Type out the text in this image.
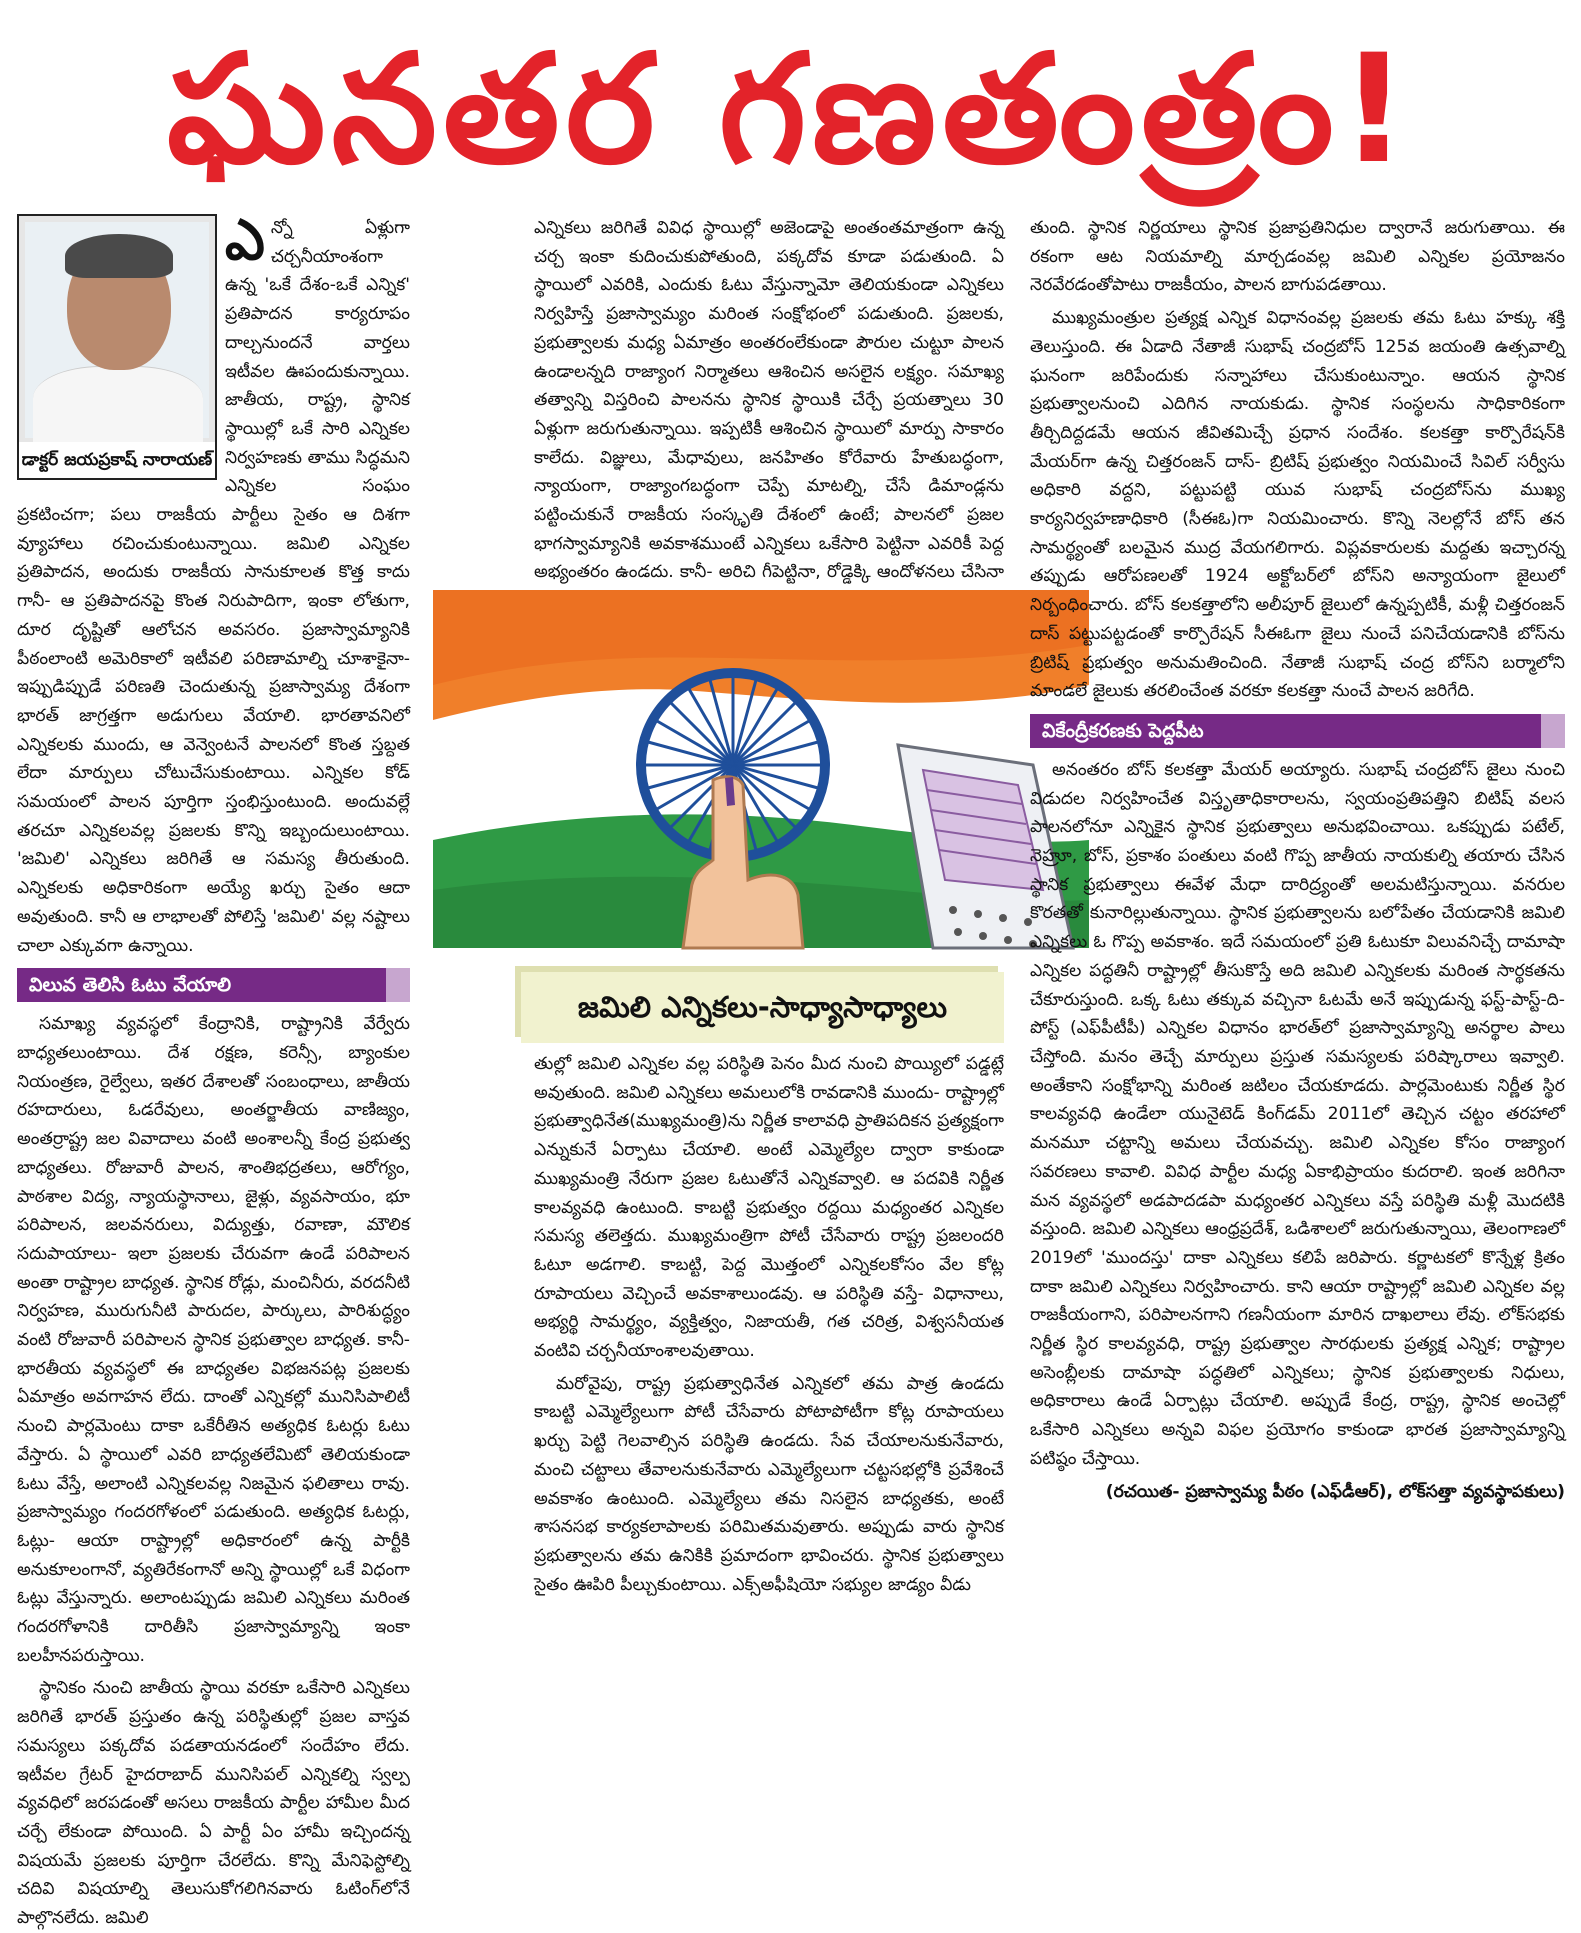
ఘనతర గణతంత్రం!
డాక్టర్‌ జయప్రకాష్‌ నారాయణ్‌

ఎన్నో ఏళ్లుగా చర్చనీయాంశంగా ఉన్న 'ఒకే దేశం-ఒకే ఎన్నిక' ప్రతిపాదన కార్యరూపం దాల్చనుందనే వార్తలు ఇటీవల ఊపందుకున్నాయి. జాతీయ, రాష్ట్ర, స్థానిక స్థాయిల్లో ఒకే సారి ఎన్నికల నిర్వహణకు తాము సిద్ధమని ఎన్నికల సంఘం ప్రకటించగా; పలు రాజకీయ పార్టీలు సైతం ఆ దిశగా వ్యూహాలు రచించుకుంటున్నాయి. జమిలి ఎన్నికల ప్రతిపాదన, అందుకు రాజకీయ సానుకూలత కొత్త కాదు గానీ- ఆ ప్రతిపాదనపై కొంత నిరుపాదిగా, ఇంకా లోతుగా, దూర దృష్టితో ఆలోచన అవసరం. ప్రజాస్వామ్యానికి పీఠంలాంటి అమెరికాలో ఇటీవలి పరిణామాల్ని చూశాకైనా- ఇప్పుడిప్పుడే పరిణతి చెందుతున్న ప్రజాస్వామ్య దేశంగా భారత్‌ జాగ్రత్తగా అడుగులు వేయాలి. భారతావనిలో ఎన్నికలకు ముందు, ఆ వెన్వెంటనే పాలనలో కొంత స్తబ్దత లేదా మార్పులు చోటుచేసుకుంటాయి. ఎన్నికల కోడ్‌ సమయంలో పాలన పూర్తిగా స్తంభిస్తుంటుంది. అందువల్లే తరచూ ఎన్నికలవల్ల ప్రజలకు కొన్ని ఇబ్బందులుంటాయి. 'జమిలి' ఎన్నికలు జరిగితే ఆ సమస్య తీరుతుంది. ఎన్నికలకు అధికారికంగా అయ్యే ఖర్చు సైతం ఆదా అవుతుంది. కానీ ఆ లాభాలతో పోలిస్తే 'జమిలి' వల్ల నష్టాలు చాలా ఎక్కువగా ఉన్నాయి.

విలువ తెలిసి ఓటు వేయాలి

సమాఖ్య వ్యవస్థలో కేంద్రానికి, రాష్ట్రానికి వేర్వేరు బాధ్యతలుంటాయి. దేశ రక్షణ, కరెన్సీ, బ్యాంకుల నియంత్రణ, రైల్వేలు, ఇతర దేశాలతో సంబంధాలు, జాతీయ రహదారులు, ఓడరేవులు, అంతర్జాతీయ వాణిజ్యం, అంతర్రాష్ట్ర జల వివాదాలు వంటి అంశాలన్నీ కేంద్ర ప్రభుత్వ బాధ్యతలు. రోజువారీ పాలన, శాంతిభద్రతలు, ఆరోగ్యం, పాఠశాల విద్య, న్యాయస్థానాలు, జైళ్లు, వ్యవసాయం, భూ పరిపాలన, జలవనరులు, విద్యుత్తు, రవాణా, మౌలిక సదుపాయాలు- ఇలా ప్రజలకు చేరువగా ఉండే పరిపాలన అంతా రాష్ట్రాల బాధ్యత. స్థానిక రోడ్లు, మంచినీరు, వరదనీటి నిర్వహణ, మురుగునీటి పారుదల, పార్కులు, పారిశుద్ధ్యం వంటి రోజువారీ పరిపాలన స్థానిక ప్రభుత్వాల బాధ్యత. కానీ- భారతీయ వ్యవస్థలో ఈ బాధ్యతల విభజనపట్ల ప్రజలకు ఏమాత్రం అవగాహన లేదు. దాంతో ఎన్నికల్లో మునిసిపాలిటీ నుంచి పార్లమెంటు దాకా ఒకేరీతిన అత్యధిక ఓటర్లు ఓటు వేస్తారు. ఏ స్థాయిలో ఎవరి బాధ్యతలేమిటో తెలియకుండా ఓటు వేస్తే, అలాంటి ఎన్నికలవల్ల నిజమైన ఫలితాలు రావు. ప్రజాస్వామ్యం గందరగోళంలో పడుతుంది. అత్యధిక ఓటర్లు, ఓట్లు- ఆయా రాష్ట్రాల్లో అధికారంలో ఉన్న పార్టీకి అనుకూలంగానో, వ్యతిరేకంగానో అన్ని స్థాయిల్లో ఒకే విధంగా ఓట్లు వేస్తున్నారు. అలాంటప్పుడు జమిలి ఎన్నికలు మరింత గందరగోళానికి దారితీసి ప్రజాస్వామ్యాన్ని ఇంకా బలహీనపరుస్తాయి.

స్థానికం నుంచి జాతీయ స్థాయి వరకూ ఒకేసారి ఎన్నికలు జరిగితే భారత్‌ ప్రస్తుతం ఉన్న పరిస్థితుల్లో ప్రజల వాస్తవ సమస్యలు పక్కదోవ పడతాయనడంలో సందేహం లేదు. ఇటీవల గ్రేటర్‌ హైదరాబాద్‌ మునిసిపల్‌ ఎన్నికల్ని స్వల్ప వ్యవధిలో జరపడంతో అసలు రాజకీయ పార్టీల హామీల మీద చర్చే లేకుండా పోయింది. ఏ పార్టీ ఏం హామీ ఇచ్చిందన్న విషయమే ప్రజలకు పూర్తిగా చేరలేదు. కొన్ని మేనిఫెస్టోల్ని చదివి విషయాల్ని తెలుసుకోగలిగినవారు ఓటింగ్‌లోనే పాల్గొనలేదు. జమిలి

ఎన్నికలు జరిగితే వివిధ స్థాయిల్లో అజెండాపై అంతంతమాత్రంగా ఉన్న చర్చ ఇంకా కుదించుకుపోతుంది, పక్కదోవ కూడా పడుతుంది. ఏ స్థాయిలో ఎవరికి, ఎందుకు ఓటు వేస్తున్నామో తెలియకుండా ఎన్నికలు నిర్వహిస్తే ప్రజాస్వామ్యం మరింత సంక్షోభంలో పడుతుంది. ప్రజలకు, ప్రభుత్వాలకు మధ్య ఏమాత్రం అంతరంలేకుండా పౌరుల చుట్టూ పాలన ఉండాలన్నది రాజ్యాంగ నిర్మాతలు ఆశించిన అసలైన లక్ష్యం. సమాఖ్య తత్వాన్ని విస్తరించి పాలనను స్థానిక స్థాయికి చేర్చే ప్రయత్నాలు 30 ఏళ్లుగా జరుగుతున్నాయి. ఇప్పటికీ ఆశించిన స్థాయిలో మార్పు సాకారం కాలేదు. విజ్ఞులు, మేధావులు, జనహితం కోరేవారు హేతుబద్ధంగా, న్యాయంగా, రాజ్యాంగబద్ధంగా చెప్పే మాటల్ని, చేసే డిమాండ్లను పట్టించుకునే రాజకీయ సంస్కృతి దేశంలో ఉంటే; పాలనలో ప్రజల భాగస్వామ్యానికి అవకాశముంటే ఎన్నికలు ఒకేసారి పెట్టినా ఎవరికీ పెద్ద అభ్యంతరం ఉండదు. కానీ- అరిచి గీపెట్టినా, రోడ్డెక్కి ఆందోళనలు చేసినా

జమిలి ఎన్నికలు-సాధ్యాసాధ్యాలు

తుల్లో జమిలి ఎన్నికల వల్ల పరిస్థితి పెనం మీద నుంచి పొయ్యిలో పడ్డట్లే అవుతుంది. జమిలి ఎన్నికలు అమలులోకి రావడానికి ముందు- రాష్ట్రాల్లో ప్రభుత్వాధినేత(ముఖ్యమంత్రి)ను నిర్ణీత కాలావధి ప్రాతిపదికన ప్రత్యక్షంగా ఎన్నుకునే ఏర్పాటు చేయాలి. అంటే ఎమ్మెల్యేల ద్వారా కాకుండా ముఖ్యమంత్రి నేరుగా ప్రజల ఓటుతోనే ఎన్నికవ్వాలి. ఆ పదవికి నిర్ణీత కాలవ్యవధి ఉంటుంది. కాబట్టి ప్రభుత్వం రద్దయి మధ్యంతర ఎన్నికల సమస్య తలెత్తదు. ముఖ్యమంత్రిగా పోటీ చేసేవారు రాష్ట్ర ప్రజలందరి ఓటూ అడగాలి. కాబట్టి, పెద్ద మొత్తంలో ఎన్నికలకోసం వేల కోట్ల రూపాయలు వెచ్చించే అవకాశాలుండవు. ఆ పరిస్థితి వస్తే- విధానాలు, అభ్యర్థి సామర్థ్యం, వ్యక్తిత్వం, నిజాయతీ, గత చరిత్ర, విశ్వసనీయత వంటివి చర్చనీయాంశాలవుతాయి.

మరోవైపు, రాష్ట్ర ప్రభుత్వాధినేత ఎన్నికలో తమ పాత్ర ఉండదు కాబట్టి ఎమ్మెల్యేలుగా పోటీ చేసేవారు పోటాపోటీగా కోట్ల రూపాయలు ఖర్చు పెట్టి గెలవాల్సిన పరిస్థితి ఉండదు. సేవ చేయాలనుకునేవారు, మంచి చట్టాలు తేవాలనుకునేవారు ఎమ్మెల్యేలుగా చట్టసభల్లోకి ప్రవేశించే అవకాశం ఉంటుంది. ఎమ్మెల్యేలు తమ నిసలైన బాధ్యతకు, అంటే శాసనసభ కార్యకలాపాలకు పరిమితమవుతారు. అప్పుడు వారు స్థానిక ప్రభుత్వాలను తమ ఉనికికి ప్రమాదంగా భావించరు. స్థానిక ప్రభుత్వాలు సైతం ఊపిరి పీల్చుకుంటాయి. ఎక్స్‌అఫీషియో సభ్యుల జాడ్యం వీడు

తుంది. స్థానిక నిర్ణయాలు స్థానిక ప్రజాప్రతినిధుల ద్వారానే జరుగుతాయి. ఈ రకంగా ఆట నియమాల్ని మార్చడంవల్ల జమిలి ఎన్నికల ప్రయోజనం నెరవేరడంతోపాటు రాజకీయం, పాలన బాగుపడతాయి.

ముఖ్యమంత్రుల ప్రత్యక్ష ఎన్నిక విధానంవల్ల ప్రజలకు తమ ఓటు హక్కు శక్తి తెలుస్తుంది. ఈ ఏడాది నేతాజీ సుభాష్‌ చంద్రబోస్‌ 125వ జయంతి ఉత్సవాల్ని ఘనంగా జరిపేందుకు సన్నాహాలు చేసుకుంటున్నాం. ఆయన స్థానిక ప్రభుత్వాలనుంచి ఎదిగిన నాయకుడు. స్థానిక సంస్థలను సాధికారికంగా తీర్చిదిద్దడమే ఆయన జీవితమిచ్చే ప్రధాన సందేశం. కలకత్తా కార్పొరేషన్‌కి మేయర్‌గా ఉన్న చిత్తరంజన్‌ దాస్‌- బ్రిటిష్‌ ప్రభుత్వం నియమించే సివిల్‌ సర్వీసు అధికారి వద్దని, పట్టుపట్టి యువ సుభాష్‌ చంద్రబోస్‌ను ముఖ్య కార్యనిర్వహణాధికారి (సీఈఓ)గా నియమించారు. కొన్ని నెలల్లోనే బోస్‌ తన సామర్థ్యంతో బలమైన ముద్ర వేయగలిగారు. విప్లవకారులకు మద్దతు ఇచ్చారన్న తప్పుడు ఆరోపణలతో 1924 అక్టోబర్‌లో బోస్‌ని అన్యాయంగా జైలులో నిర్బంధించారు. బోస్‌ కలకత్తాలోని అలీపూర్‌ జైలులో ఉన్నప్పటికీ, మళ్లీ చిత్తరంజన్‌ దాస్‌ పట్టుపట్టడంతో కార్పొరేషన్‌ సీఈఓగా జైలు నుంచే పనిచేయడానికి బోస్‌ను బ్రిటిష్‌ ప్రభుత్వం అనుమతించింది. నేతాజీ సుభాష్‌ చంద్ర బోస్‌ని బర్మాలోని మాండలే జైలుకు తరలించేంత వరకూ కలకత్తా నుంచే పాలన జరిగేది.

వికేంద్రీకరణకు పెద్దపీట

అనంతరం బోస్‌ కలకత్తా మేయర్‌ అయ్యారు. సుభాష్‌ చంద్రబోస్‌ జైలు నుంచి విడుదల నిర్వహించేత విస్తృతాధికారాలను, స్వయంప్రతిపత్తిని బిటిష్‌ వలస పాలనలోనూ ఎన్నికైన స్థానిక ప్రభుత్వాలు అనుభవించాయి. ఒకప్పుడు పటేల్‌, నెహ్రూ, బోస్‌, ప్రకాశం పంతులు వంటి గొప్ప జాతీయ నాయకుల్ని తయారు చేసిన స్థానిక ప్రభుత్వాలు ఈవేళ మేధా దారిద్ర్యంతో అలమటిస్తున్నాయి. వనరుల కొరతతో కునారిల్లుతున్నాయి. స్థానిక ప్రభుత్వాలను బలోపేతం చేయడానికి జమిలి ఎన్నికలు ఓ గొప్ప అవకాశం. ఇదే సమయంలో ప్రతి ఓటుకూ విలువనిచ్చే దామాషా ఎన్నికల పద్ధతినీ రాష్ట్రాల్లో తీసుకొస్తే అది జమిలి ఎన్నికలకు మరింత సార్థకతను చేకూరుస్తుంది. ఒక్క ఓటు తక్కువ వచ్చినా ఓటమే అనే ఇప్పుడున్న ఫస్ట్‌-పాస్ట్‌-ది-పోస్ట్‌ (ఎఫ్‌పీటీపీ) ఎన్నికల విధానం భారత్‌లో ప్రజాస్వామ్యాన్ని అనర్థాల పాలు చేస్తోంది. మనం తెచ్చే మార్పులు ప్రస్తుత సమస్యలకు పరిష్కారాలు ఇవ్వాలి. అంతేకాని సంక్షోభాన్ని మరింత జటిలం చేయకూడదు. పార్లమెంటుకు నిర్ణీత స్థిర కాలవ్యవధి ఉండేలా యునైటెడ్‌ కింగ్‌డమ్‌ 2011లో తెచ్చిన చట్టం తరహాలో మనమూ చట్టాన్ని అమలు చేయవచ్చు. జమిలి ఎన్నికల కోసం రాజ్యాంగ సవరణలు కావాలి. వివిధ పార్టీల మధ్య ఏకాభిప్రాయం కుదరాలి. ఇంత జరిగినా మన వ్యవస్థలో అడపాదడపా మధ్యంతర ఎన్నికలు వస్తే పరిస్థితి మళ్లీ మొదటికి వస్తుంది. జమిలి ఎన్నికలు ఆంధ్రప్రదేశ్‌, ఒడిశాలలో జరుగుతున్నాయి, తెలంగాణలో 2019లో 'ముందస్తు' దాకా ఎన్నికలు కలిపే జరిపారు. కర్ణాటకలో కొన్నేళ్ల క్రితం దాకా జమిలి ఎన్నికలు నిర్వహించారు. కాని ఆయా రాష్ట్రాల్లో జమిలి ఎన్నికల వల్ల రాజకీయంగాని, పరిపాలనగాని గణనీయంగా మారిన దాఖలాలు లేవు. లోక్‌సభకు నిర్ణీత స్థిర కాలవ్యవధి, రాష్ట్ర ప్రభుత్వాల సారథులకు ప్రత్యక్ష ఎన్నిక; రాష్ట్రాల అసెంబ్లీలకు దామాషా పద్ధతిలో ఎన్నికలు; స్థానిక ప్రభుత్వాలకు నిధులు, అధికారాలు ఉండే ఏర్పాట్లు చేయాలి. అప్పుడే కేంద్ర, రాష్ట్ర, స్థానిక అంచెల్లో ఒకేసారి ఎన్నికలు అన్నవి విఫల ప్రయోగం కాకుండా భారత ప్రజాస్వామ్యాన్ని పటిష్ఠం చేస్తాయి.

(రచయిత- ప్రజాస్వామ్య పీఠం (ఎఫ్‌డీఆర్‌), లోక్‌సత్తా వ్యవస్థాపకులు)
